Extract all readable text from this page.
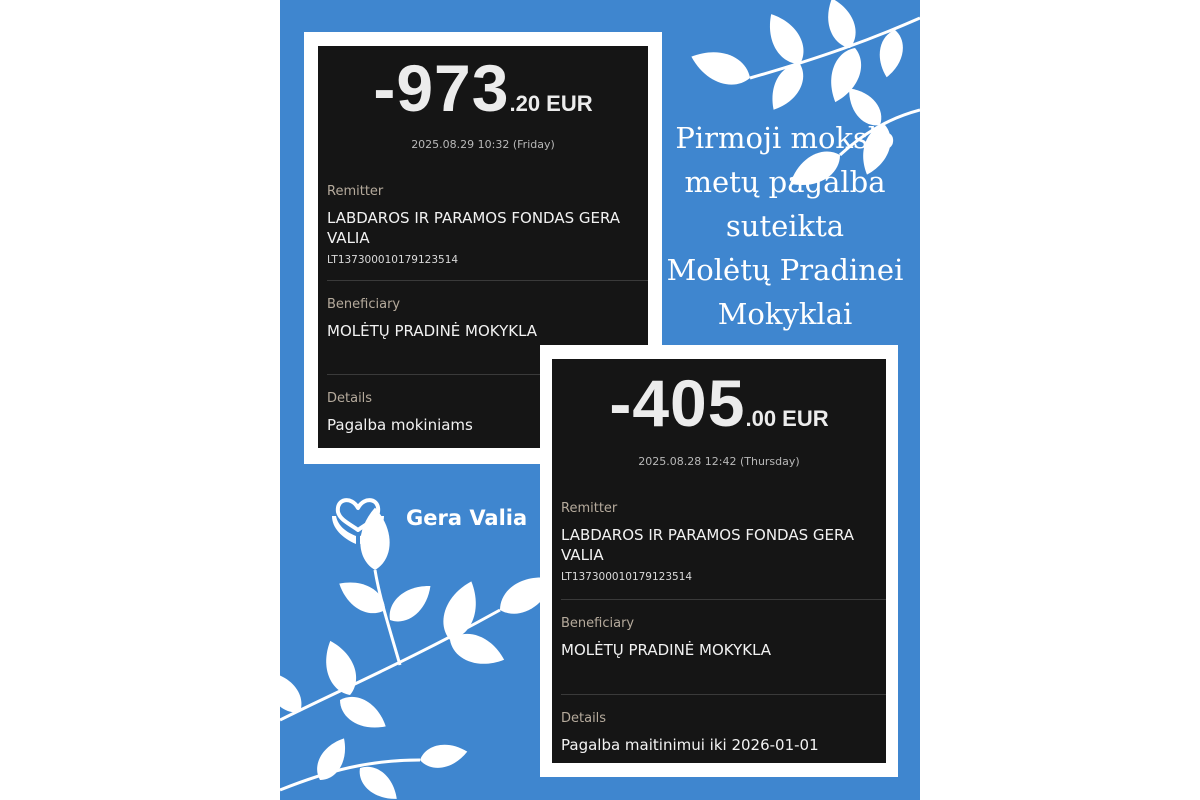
Pirmoji mokslo
metų pagalba
suteikta
Molėtų Pradinei
Mokyklai
Gera Valia
-973.20 EUR
2025.08.29 10:32 (Friday)
Remitter
LABDAROS IR PARAMOS FONDAS GERA VALIA
LT137300010179123514
Beneficiary
MOLĖTŲ PRADINĖ MOKYKLA
Details
Pagalba mokiniams	-405.00 EUR
2025.08.28 12:42 (Thursday)
Remitter
LABDAROS IR PARAMOS FONDAS GERA VALIA
LT137300010179123514
Beneficiary
MOLĖTŲ PRADINĖ MOKYKLA
Details
Pagalba maitinimui iki 2026-01-01
